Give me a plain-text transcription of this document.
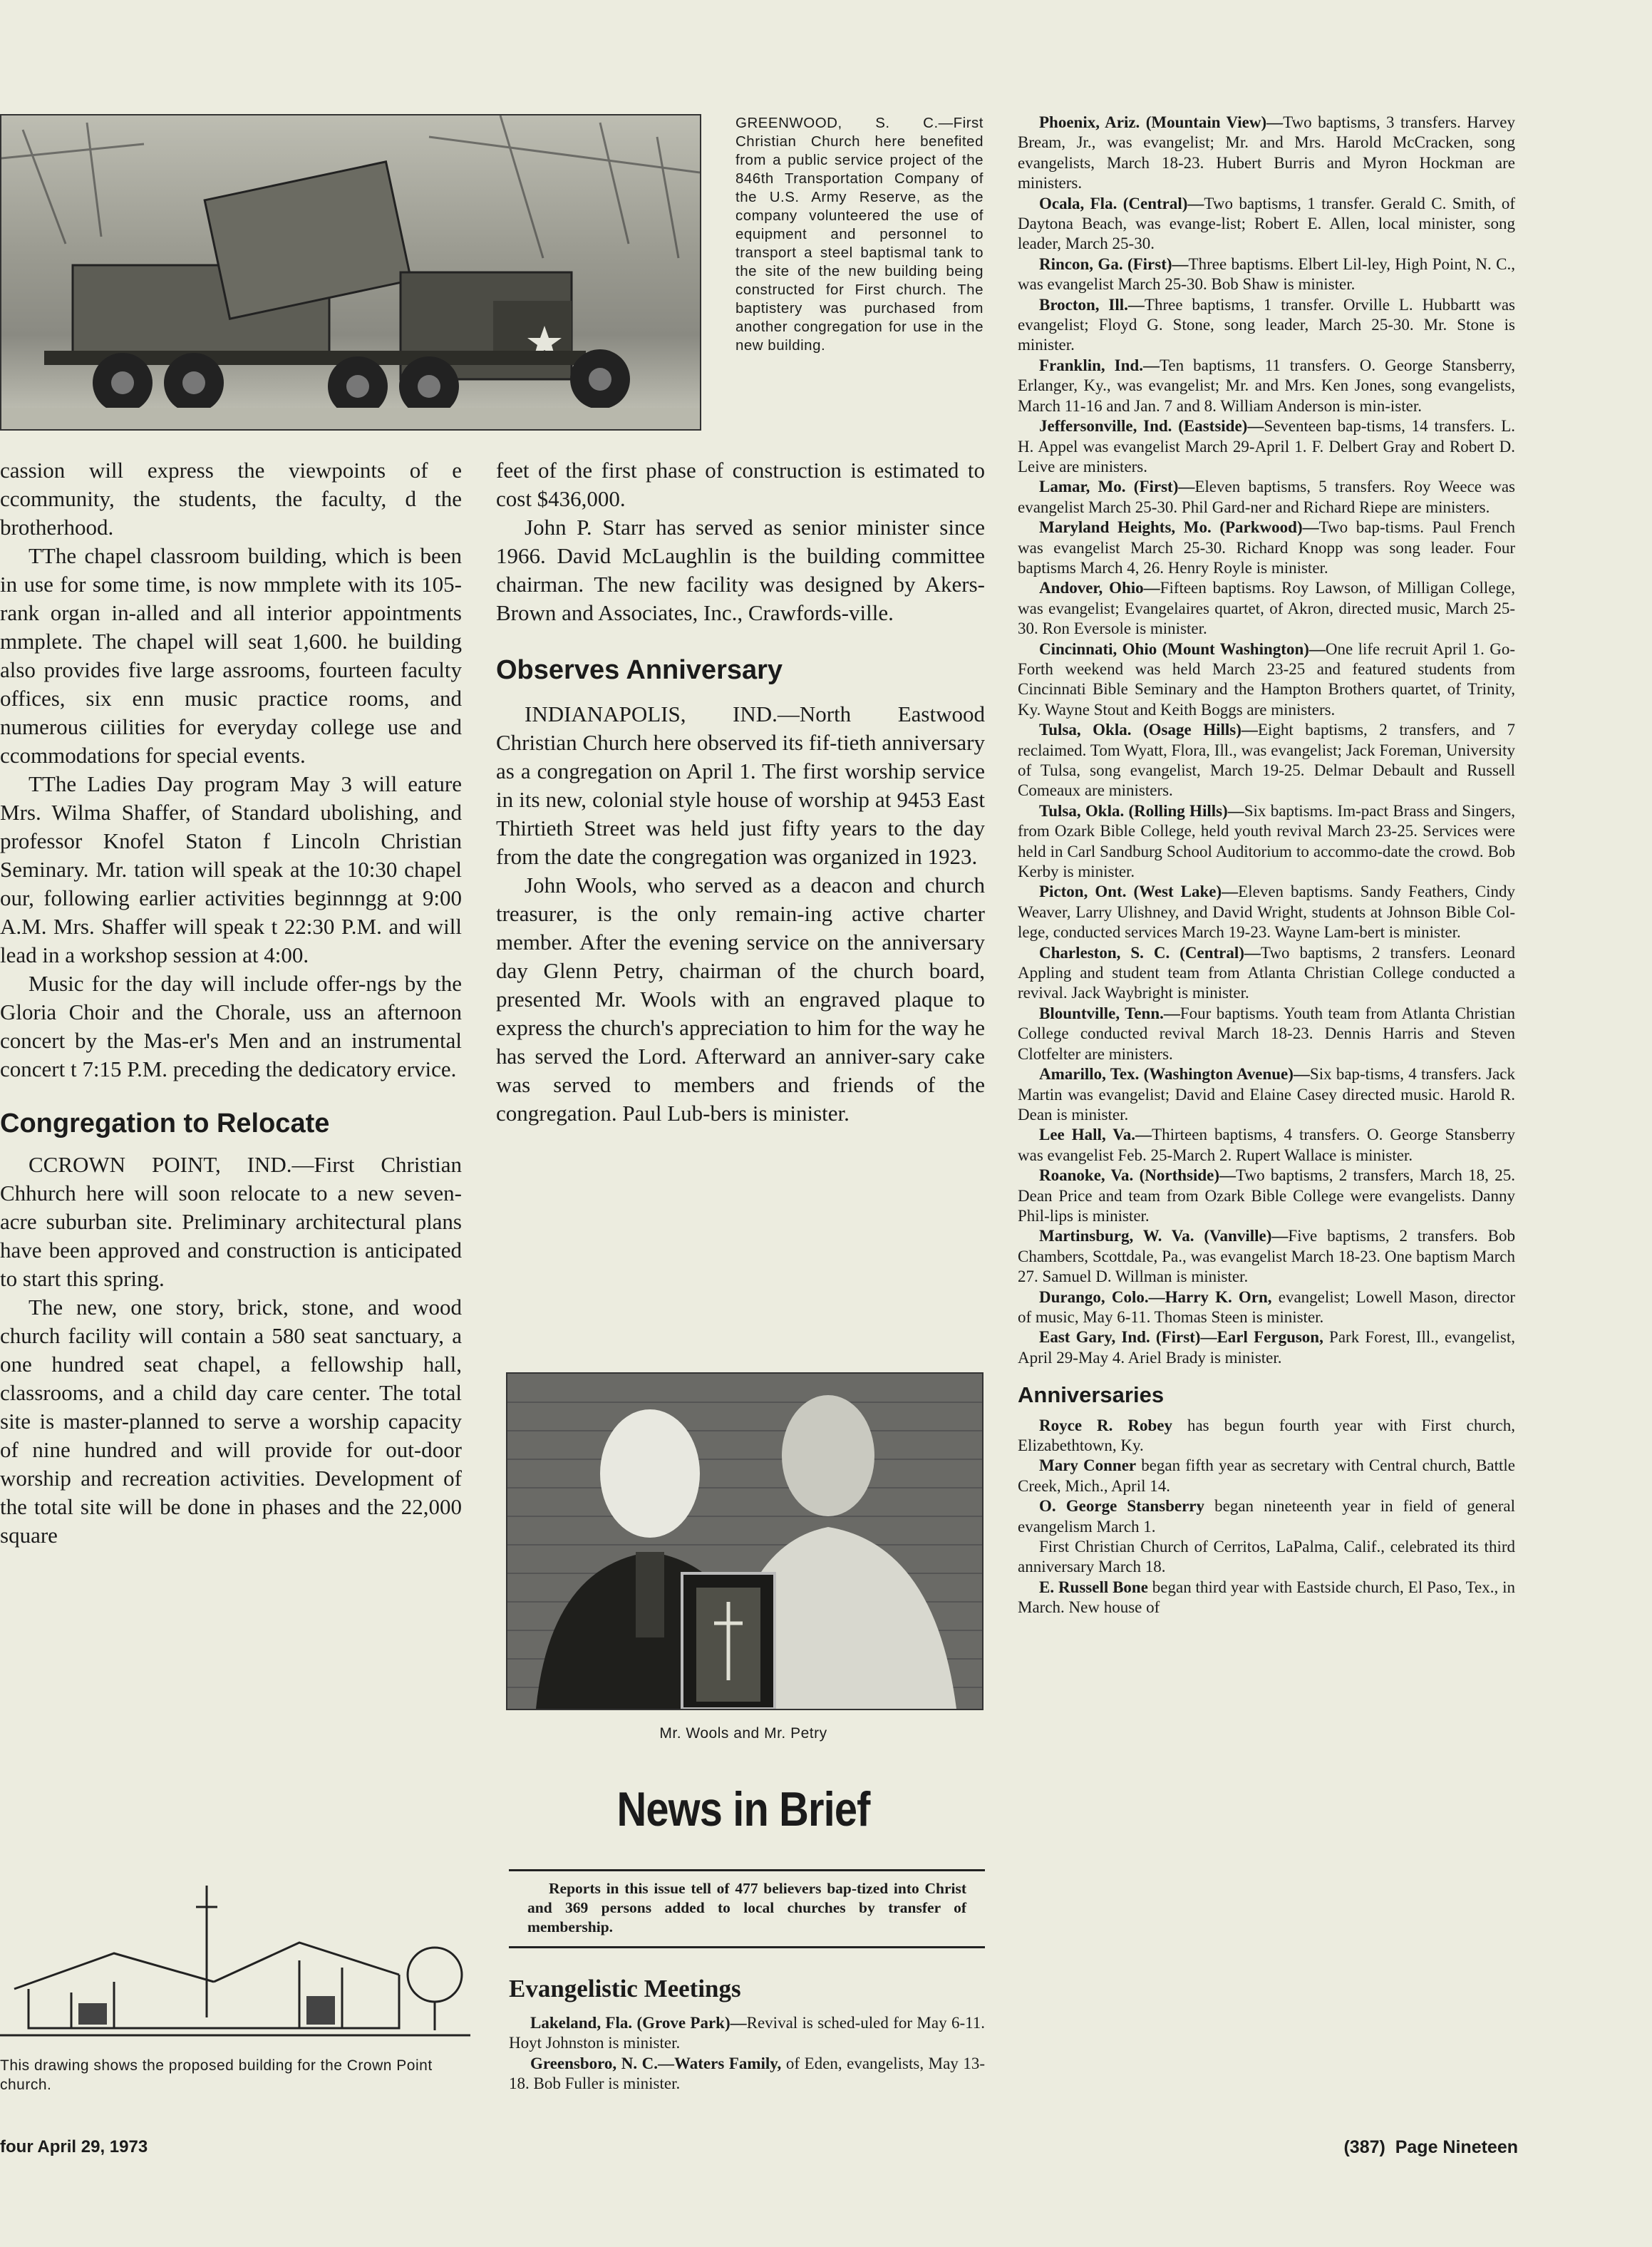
GREENWOOD, S. C.—First Christian Church here benefited from a public service project of the 846th Transportation Company of the U.S. Army Reserve, as the company volunteered the use of equipment and personnel to transport a steel baptismal tank to the site of the new building being constructed for First church. The baptistery was purchased from another congregation for use in the new building.

cassion will express the viewpoints of e ccommunity, the students, the faculty, d the brotherhood.

TThe chapel classroom building, which is been in use for some time, is now mmplete with its 105-rank organ in-alled and all interior appointments mmplete. The chapel will seat 1,600. he building also provides five large assrooms, fourteen faculty offices, six enn music practice rooms, and numerous ciilities for everyday college use and ccommodations for special events.

TThe Ladies Day program May 3 will eature Mrs. Wilma Shaffer, of Standard ubolishing, and professor Knofel Staton f Lincoln Christian Seminary. Mr. tation will speak at the 10:30 chapel our, following earlier activities beginnngg at 9:00 A.M. Mrs. Shaffer will speak t 22:30 P.M. and will lead in a workshop session at 4:00.

Music for the day will include offer-ngs by the Gloria Choir and the Chorale, uss an afternoon concert by the Mas-er's Men and an instrumental concert t 7:15 P.M. preceding the dedicatory ervice.

Congregation to Relocate

CCROWN POINT, IND.—First Christian Chhurch here will soon relocate to a new seven-acre suburban site. Preliminary architectural plans have been approved and construction is anticipated to start this spring.

The new, one story, brick, stone, and wood church facility will contain a 580 seat sanctuary, a one hundred seat chapel, a fellowship hall, classrooms, and a child day care center. The total site is master-planned to serve a worship capacity of nine hundred and will provide for out-door worship and recreation activities. Development of the total site will be done in phases and the 22,000 square

This drawing shows the proposed building for the Crown Point church.

feet of the first phase of construction is estimated to cost $436,000.

John P. Starr has served as senior minister since 1966. David McLaughlin is the building committee chairman. The new facility was designed by Akers-Brown and Associates, Inc., Crawfords-ville.

Observes Anniversary

INDIANAPOLIS, IND.—North Eastwood Christian Church here observed its fif-tieth anniversary as a congregation on April 1. The first worship service in its new, colonial style house of worship at 9453 East Thirtieth Street was held just fifty years to the day from the date the congregation was organized in 1923.

John Wools, who served as a deacon and church treasurer, is the only remain-ing active charter member. After the evening service on the anniversary day Glenn Petry, chairman of the church board, presented Mr. Wools with an engraved plaque to express the church's appreciation to him for the way he has served the Lord. Afterward an anniver-sary cake was served to members and friends of the congregation. Paul Lub-bers is minister.

Mr. Wools and Mr. Petry
News in Brief

Reports in this issue tell of 477 believers bap-tized into Christ and 369 persons added to local churches by transfer of membership.

Evangelistic Meetings

Lakeland, Fla. (Grove Park)—Revival is sched-uled for May 6-11. Hoyt Johnston is minister.

Greensboro, N. C.—Waters Family, of Eden, evangelists, May 13-18. Bob Fuller is minister.

Phoenix, Ariz. (Mountain View)—Two baptisms, 3 transfers. Harvey Bream, Jr., was evangelist; Mr. and Mrs. Harold McCracken, song evangelists, March 18-23. Hubert Burris and Myron Hockman are ministers.

Ocala, Fla. (Central)—Two baptisms, 1 transfer. Gerald C. Smith, of Daytona Beach, was evange-list; Robert E. Allen, local minister, song leader, March 25-30.

Rincon, Ga. (First)—Three baptisms. Elbert Lil-ley, High Point, N. C., was evangelist March 25-30. Bob Shaw is minister.

Brocton, Ill.—Three baptisms, 1 transfer. Orville L. Hubbartt was evangelist; Floyd G. Stone, song leader, March 25-30. Mr. Stone is minister.

Franklin, Ind.—Ten baptisms, 11 transfers. O. George Stansberry, Erlanger, Ky., was evangelist; Mr. and Mrs. Ken Jones, song evangelists, March 11-16 and Jan. 7 and 8. William Anderson is min-ister.

Jeffersonville, Ind. (Eastside)—Seventeen bap-tisms, 14 transfers. L. H. Appel was evangelist March 29-April 1. F. Delbert Gray and Robert D. Leive are ministers.

Lamar, Mo. (First)—Eleven baptisms, 5 transfers. Roy Weece was evangelist March 25-30. Phil Gard-ner and Richard Riepe are ministers.

Maryland Heights, Mo. (Parkwood)—Two bap-tisms. Paul French was evangelist March 25-30. Richard Knopp was song leader. Four baptisms March 4, 26. Henry Royle is minister.

Andover, Ohio—Fifteen baptisms. Roy Lawson, of Milligan College, was evangelist; Evangelaires quartet, of Akron, directed music, March 25-30. Ron Eversole is minister.

Cincinnati, Ohio (Mount Washington)—One life recruit April 1. Go-Forth weekend was held March 23-25 and featured students from Cincinnati Bible Seminary and the Hampton Brothers quartet, of Trinity, Ky. Wayne Stout and Keith Boggs are ministers.

Tulsa, Okla. (Osage Hills)—Eight baptisms, 2 transfers, and 7 reclaimed. Tom Wyatt, Flora, Ill., was evangelist; Jack Foreman, University of Tulsa, song evangelist, March 19-25. Delmar Debault and Russell Comeaux are ministers.

Tulsa, Okla. (Rolling Hills)—Six baptisms. Im-pact Brass and Singers, from Ozark Bible College, held youth revival March 23-25. Services were held in Carl Sandburg School Auditorium to accommo-date the crowd. Bob Kerby is minister.

Picton, Ont. (West Lake)—Eleven baptisms. Sandy Feathers, Cindy Weaver, Larry Ulishney, and David Wright, students at Johnson Bible Col-lege, conducted services March 19-23. Wayne Lam-bert is minister.

Charleston, S. C. (Central)—Two baptisms, 2 transfers. Leonard Appling and student team from Atlanta Christian College conducted a revival. Jack Waybright is minister.

Blountville, Tenn.—Four baptisms. Youth team from Atlanta Christian College conducted revival March 18-23. Dennis Harris and Steven Clotfelter are ministers.

Amarillo, Tex. (Washington Avenue)—Six bap-tisms, 4 transfers. Jack Martin was evangelist; David and Elaine Casey directed music. Harold R. Dean is minister.

Lee Hall, Va.—Thirteen baptisms, 4 transfers. O. George Stansberry was evangelist Feb. 25-March 2. Rupert Wallace is minister.

Roanoke, Va. (Northside)—Two baptisms, 2 transfers, March 18, 25. Dean Price and team from Ozark Bible College were evangelists. Danny Phil-lips is minister.

Martinsburg, W. Va. (Vanville)—Five baptisms, 2 transfers. Bob Chambers, Scottdale, Pa., was evangelist March 18-23. One baptism March 27. Samuel D. Willman is minister.

Durango, Colo.—Harry K. Orn, evangelist; Lowell Mason, director of music, May 6-11. Thomas Steen is minister.

East Gary, Ind. (First)—Earl Ferguson, Park Forest, Ill., evangelist, April 29-May 4. Ariel Brady is minister.

Anniversaries

Royce R. Robey has begun fourth year with First church, Elizabethtown, Ky.

Mary Conner began fifth year as secretary with Central church, Battle Creek, Mich., April 14.

O. George Stansberry began nineteenth year in field of general evangelism March 1.

First Christian Church of Cerritos, LaPalma, Calif., celebrated its third anniversary March 18.

E. Russell Bone began third year with Eastside church, El Paso, Tex., in March. New house of

four April 29, 1973	(387)  Page Nineteen
